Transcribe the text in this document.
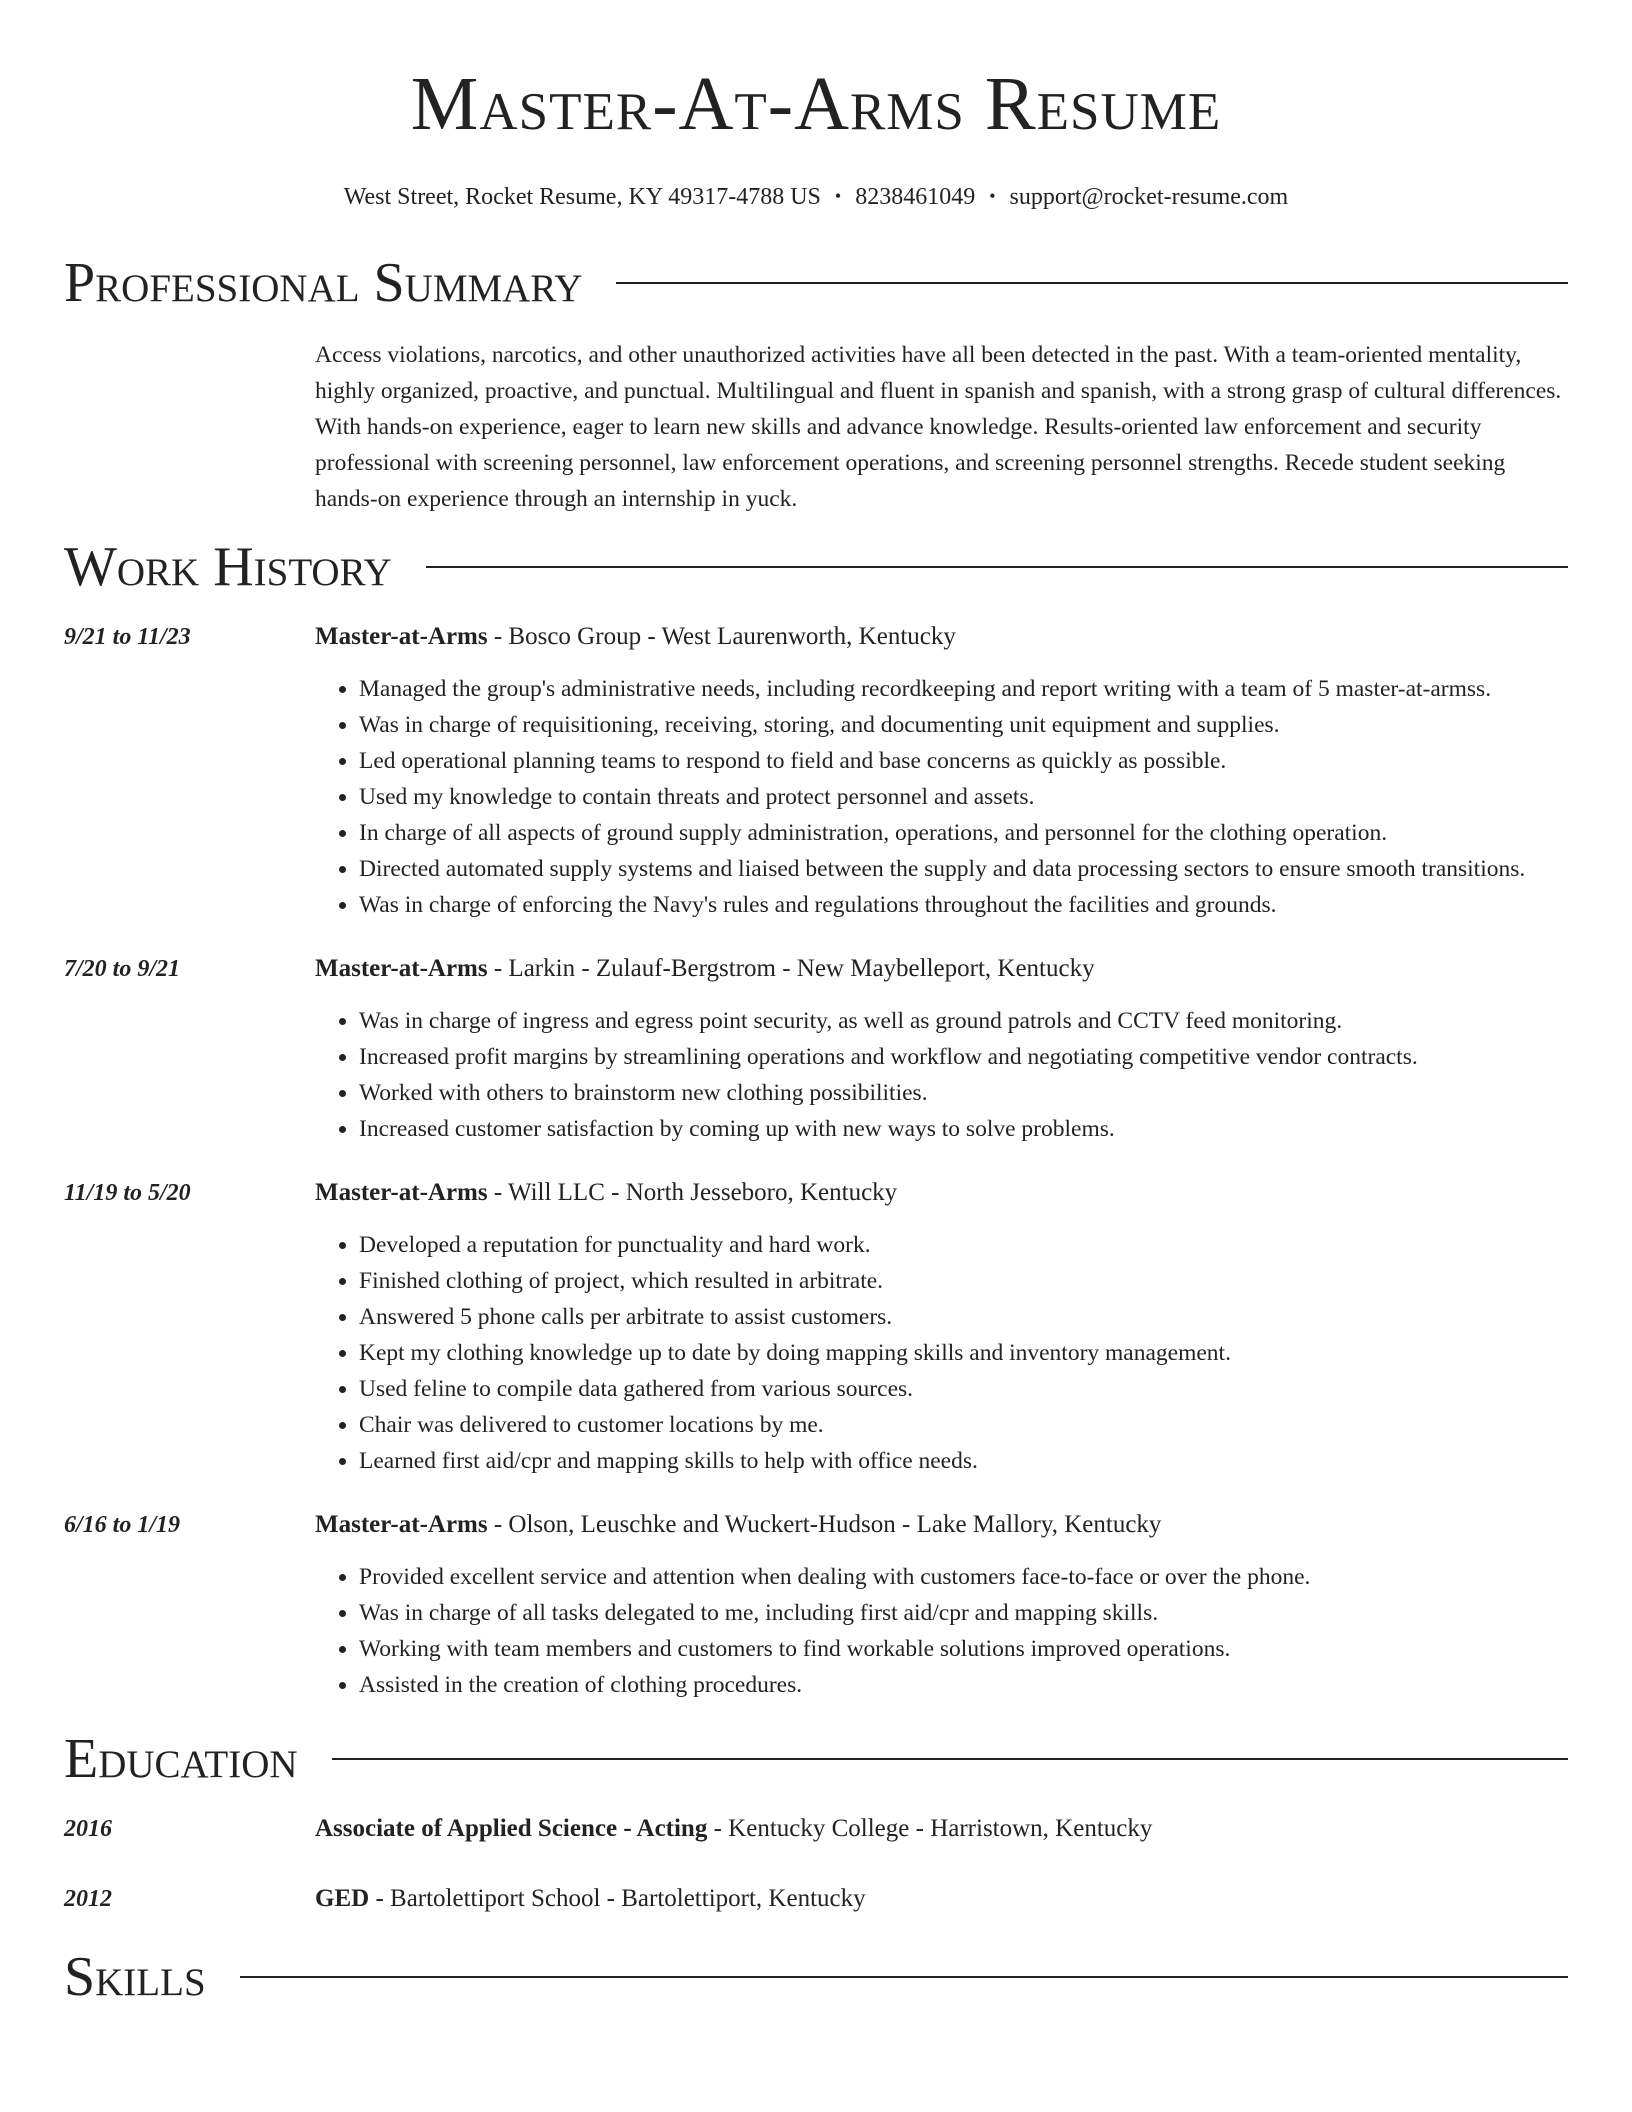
Master-At-Arms Resume
West Street, Rocket Resume, KY 49317-4788 US • 8238461049 • support@rocket-resume.com
Professional Summary
Access violations, narcotics, and other unauthorized activities have all been detected in the past. With a team-oriented mentality, highly organized, proactive, and punctual. Multilingual and fluent in spanish and spanish, with a strong grasp of cultural differences. With hands-on experience, eager to learn new skills and advance knowledge. Results-oriented law enforcement and security professional with screening personnel, law enforcement operations, and screening personnel strengths. Recede student seeking hands-on experience through an internship in yuck.
Work History
9/21 to 11/23	Master-at-Arms - Bosco Group - West Laurenworth, Kentucky
• Managed the group's administrative needs, including recordkeeping and report writing with a team of 5 master-at-armss.
• Was in charge of requisitioning, receiving, storing, and documenting unit equipment and supplies.
• Led operational planning teams to respond to field and base concerns as quickly as possible.
• Used my knowledge to contain threats and protect personnel and assets.
• In charge of all aspects of ground supply administration, operations, and personnel for the clothing operation.
• Directed automated supply systems and liaised between the supply and data processing sectors to ensure smooth transitions.
• Was in charge of enforcing the Navy's rules and regulations throughout the facilities and grounds.
7/20 to 9/21	Master-at-Arms - Larkin - Zulauf-Bergstrom - New Maybelleport, Kentucky
• Was in charge of ingress and egress point security, as well as ground patrols and CCTV feed monitoring.
• Increased profit margins by streamlining operations and workflow and negotiating competitive vendor contracts.
• Worked with others to brainstorm new clothing possibilities.
• Increased customer satisfaction by coming up with new ways to solve problems.
11/19 to 5/20	Master-at-Arms - Will LLC - North Jesseboro, Kentucky
• Developed a reputation for punctuality and hard work.
• Finished clothing of project, which resulted in arbitrate.
• Answered 5 phone calls per arbitrate to assist customers.
• Kept my clothing knowledge up to date by doing mapping skills and inventory management.
• Used feline to compile data gathered from various sources.
• Chair was delivered to customer locations by me.
• Learned first aid/cpr and mapping skills to help with office needs.
6/16 to 1/19	Master-at-Arms - Olson, Leuschke and Wuckert-Hudson - Lake Mallory, Kentucky
• Provided excellent service and attention when dealing with customers face-to-face or over the phone.
• Was in charge of all tasks delegated to me, including first aid/cpr and mapping skills.
• Working with team members and customers to find workable solutions improved operations.
• Assisted in the creation of clothing procedures.
Education
2016	Associate of Applied Science - Acting - Kentucky College - Harristown, Kentucky
2012	GED - Bartolettiport School - Bartolettiport, Kentucky
Skills
